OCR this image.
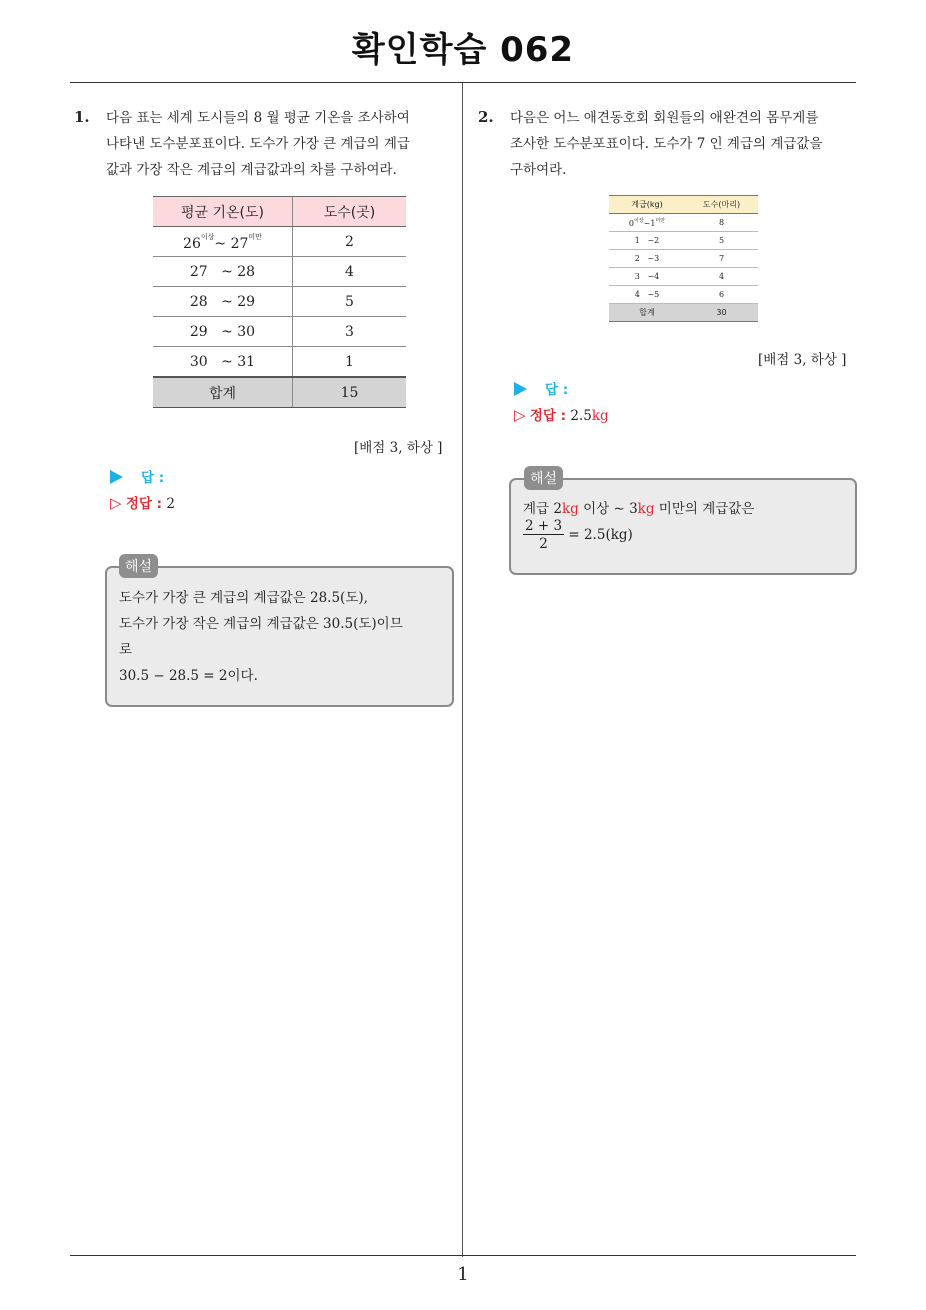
확인학습 062
1. 다음 표는 세계 도시들의 8 월 평균 기온을 조사하여
나타낸 도수분포표이다. 도수가 가장 큰 계급의 계급
값과 가장 작은 계급의 계급값과의 차를 구하여라.
평균 기온(도)	도수(곳)
$26^{이상}\sim$ $27^{미만}$	2
27 ~ 28	4
28 ~ 29	5
29 ~ 30	3
30 ~ 31	1
합계	15
[배점 3, 하상 ]
답 :
▷ 정답 : 2
해설
도수가 가장 큰 계급의 계급값은 28.5(도),
도수가 가장 작은 계급의 계급값은 30.5(도)이므
로
30.5 − 28.5 = 2이다.
2. 다음은 어느 애견동호회 회원들의 애완견의 몸무게를
조사한 도수분포표이다. 도수가 7 인 계급의 계급값을
구하여라.
계급(kg)	도수(마리)
$0^{이상}\sim 1^{미만}$	8
1 ~2	5
2 ~3	7
3 ~4	4
4 ~5	6
합계	30
[배점 3, 하상 ]
답 :
▷ 정답 : 2.5kg
해설
계급 2kg 이상 ∼ 3kg 미만의 계급값은
$\frac{2 + 3}{2} = 2.5(kg)$
1
